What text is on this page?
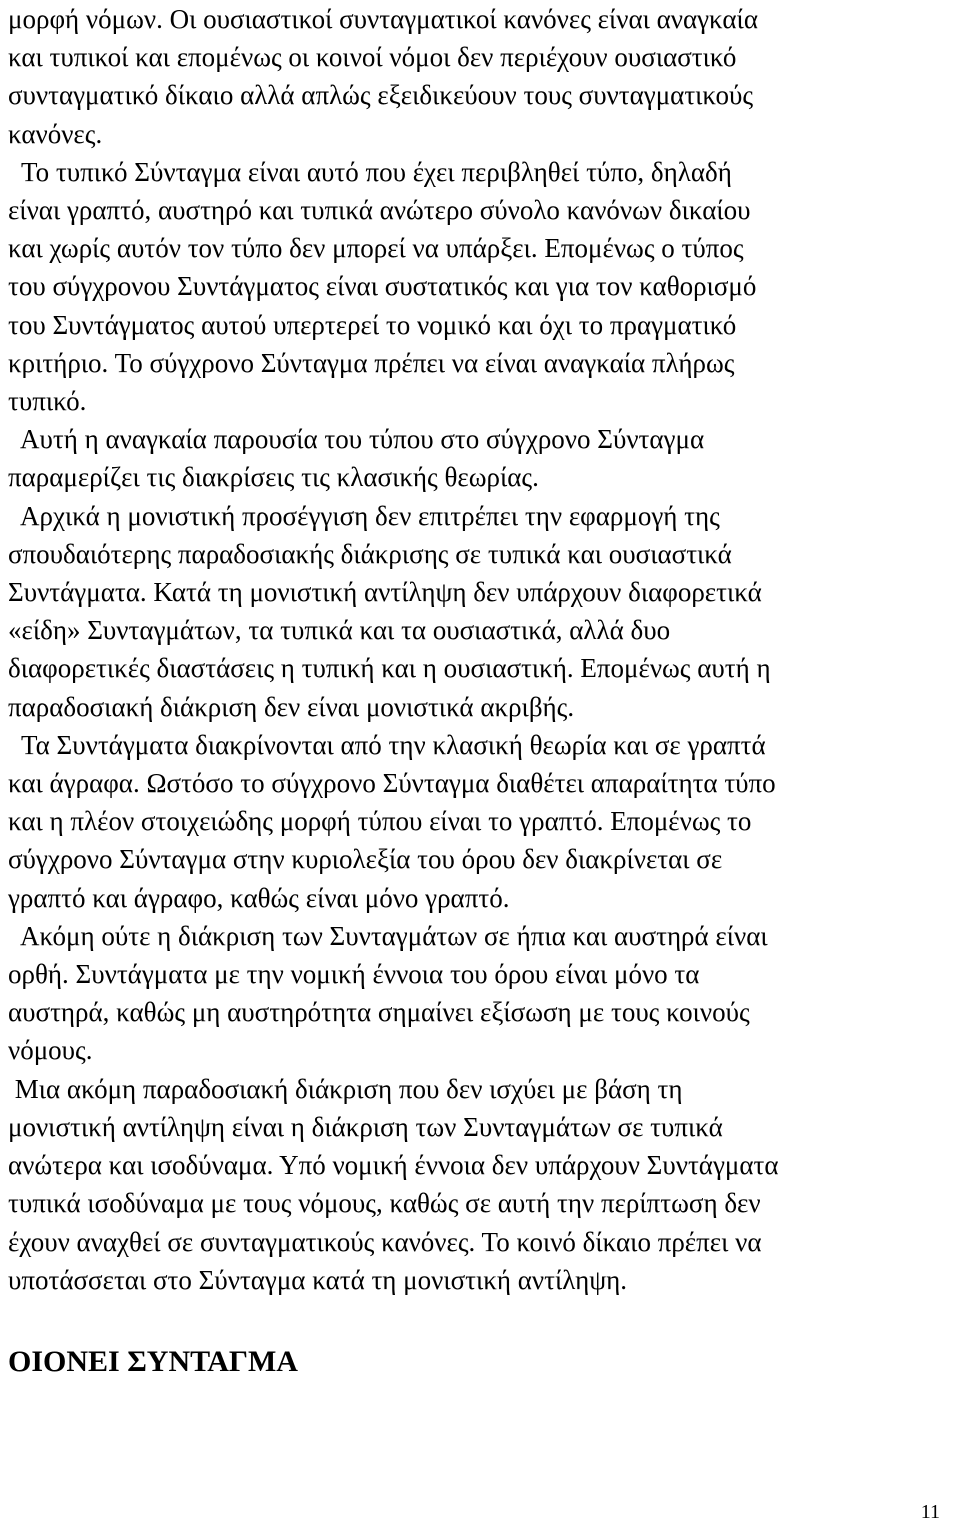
μορφή νόμων. Οι ουσιαστικοί συνταγματικοί κανόνες είναι αναγκαία
και τυπικοί και επομένως οι κοινοί νόμοι δεν περιέχουν ουσιαστικό
συνταγματικό δίκαιο αλλά απλώς εξειδικεύουν τους συνταγματικούς
κανόνες.
Το τυπικό Σύνταγμα είναι αυτό που έχει περιβληθεί τύπο, δηλαδή
είναι γραπτό, αυστηρό και τυπικά ανώτερο σύνολο κανόνων δικαίου
και χωρίς αυτόν τον τύπο δεν μπορεί να υπάρξει. Επομένως ο τύπος
του σύγχρονου Συντάγματος είναι συστατικός και για τον καθορισμό
του Συντάγματος αυτού υπερτερεί το νομικό και όχι το πραγματικό
κριτήριο. Το σύγχρονο Σύνταγμα πρέπει να είναι αναγκαία πλήρως
τυπικό.
Αυτή η αναγκαία παρουσία του τύπου στο σύγχρονο Σύνταγμα
παραμερίζει τις διακρίσεις τις κλασικής θεωρίας.
Αρχικά η μονιστική προσέγγιση δεν επιτρέπει την εφαρμογή της
σπουδαιότερης παραδοσιακής διάκρισης σε τυπικά και ουσιαστικά
Συντάγματα. Κατά τη μονιστική αντίληψη δεν υπάρχουν διαφορετικά
«είδη» Συνταγμάτων, τα τυπικά και τα ουσιαστικά, αλλά δυο
διαφορετικές διαστάσεις η τυπική και η ουσιαστική. Επομένως αυτή η
παραδοσιακή διάκριση δεν είναι μονιστικά ακριβής.
Τα Συντάγματα διακρίνονται από την κλασική θεωρία και σε γραπτά
και άγραφα. Ωστόσο το σύγχρονο Σύνταγμα διαθέτει απαραίτητα τύπο
και η πλέον στοιχειώδης μορφή τύπου είναι το γραπτό. Επομένως το
σύγχρονο Σύνταγμα στην κυριολεξία του όρου δεν διακρίνεται σε
γραπτό και άγραφο, καθώς είναι μόνο γραπτό.
Ακόμη ούτε η διάκριση των Συνταγμάτων σε ήπια και αυστηρά είναι
ορθή. Συντάγματα με την νομική έννοια του όρου είναι μόνο τα
αυστηρά, καθώς μη αυστηρότητα σημαίνει εξίσωση με τους κοινούς
νόμους.
Μια ακόμη παραδοσιακή διάκριση που δεν ισχύει με βάση τη
μονιστική αντίληψη είναι η διάκριση των Συνταγμάτων σε τυπικά
ανώτερα και ισοδύναμα. Υπό νομική έννοια δεν υπάρχουν Συντάγματα
τυπικά ισοδύναμα με τους νόμους, καθώς σε αυτή την περίπτωση δεν
έχουν αναχθεί σε συνταγματικούς κανόνες. Το κοινό δίκαιο πρέπει να
υποτάσσεται στο Σύνταγμα κατά τη μονιστική αντίληψη.
ΟΙΟΝΕΙ ΣΥΝΤΑΓΜΑ
11
